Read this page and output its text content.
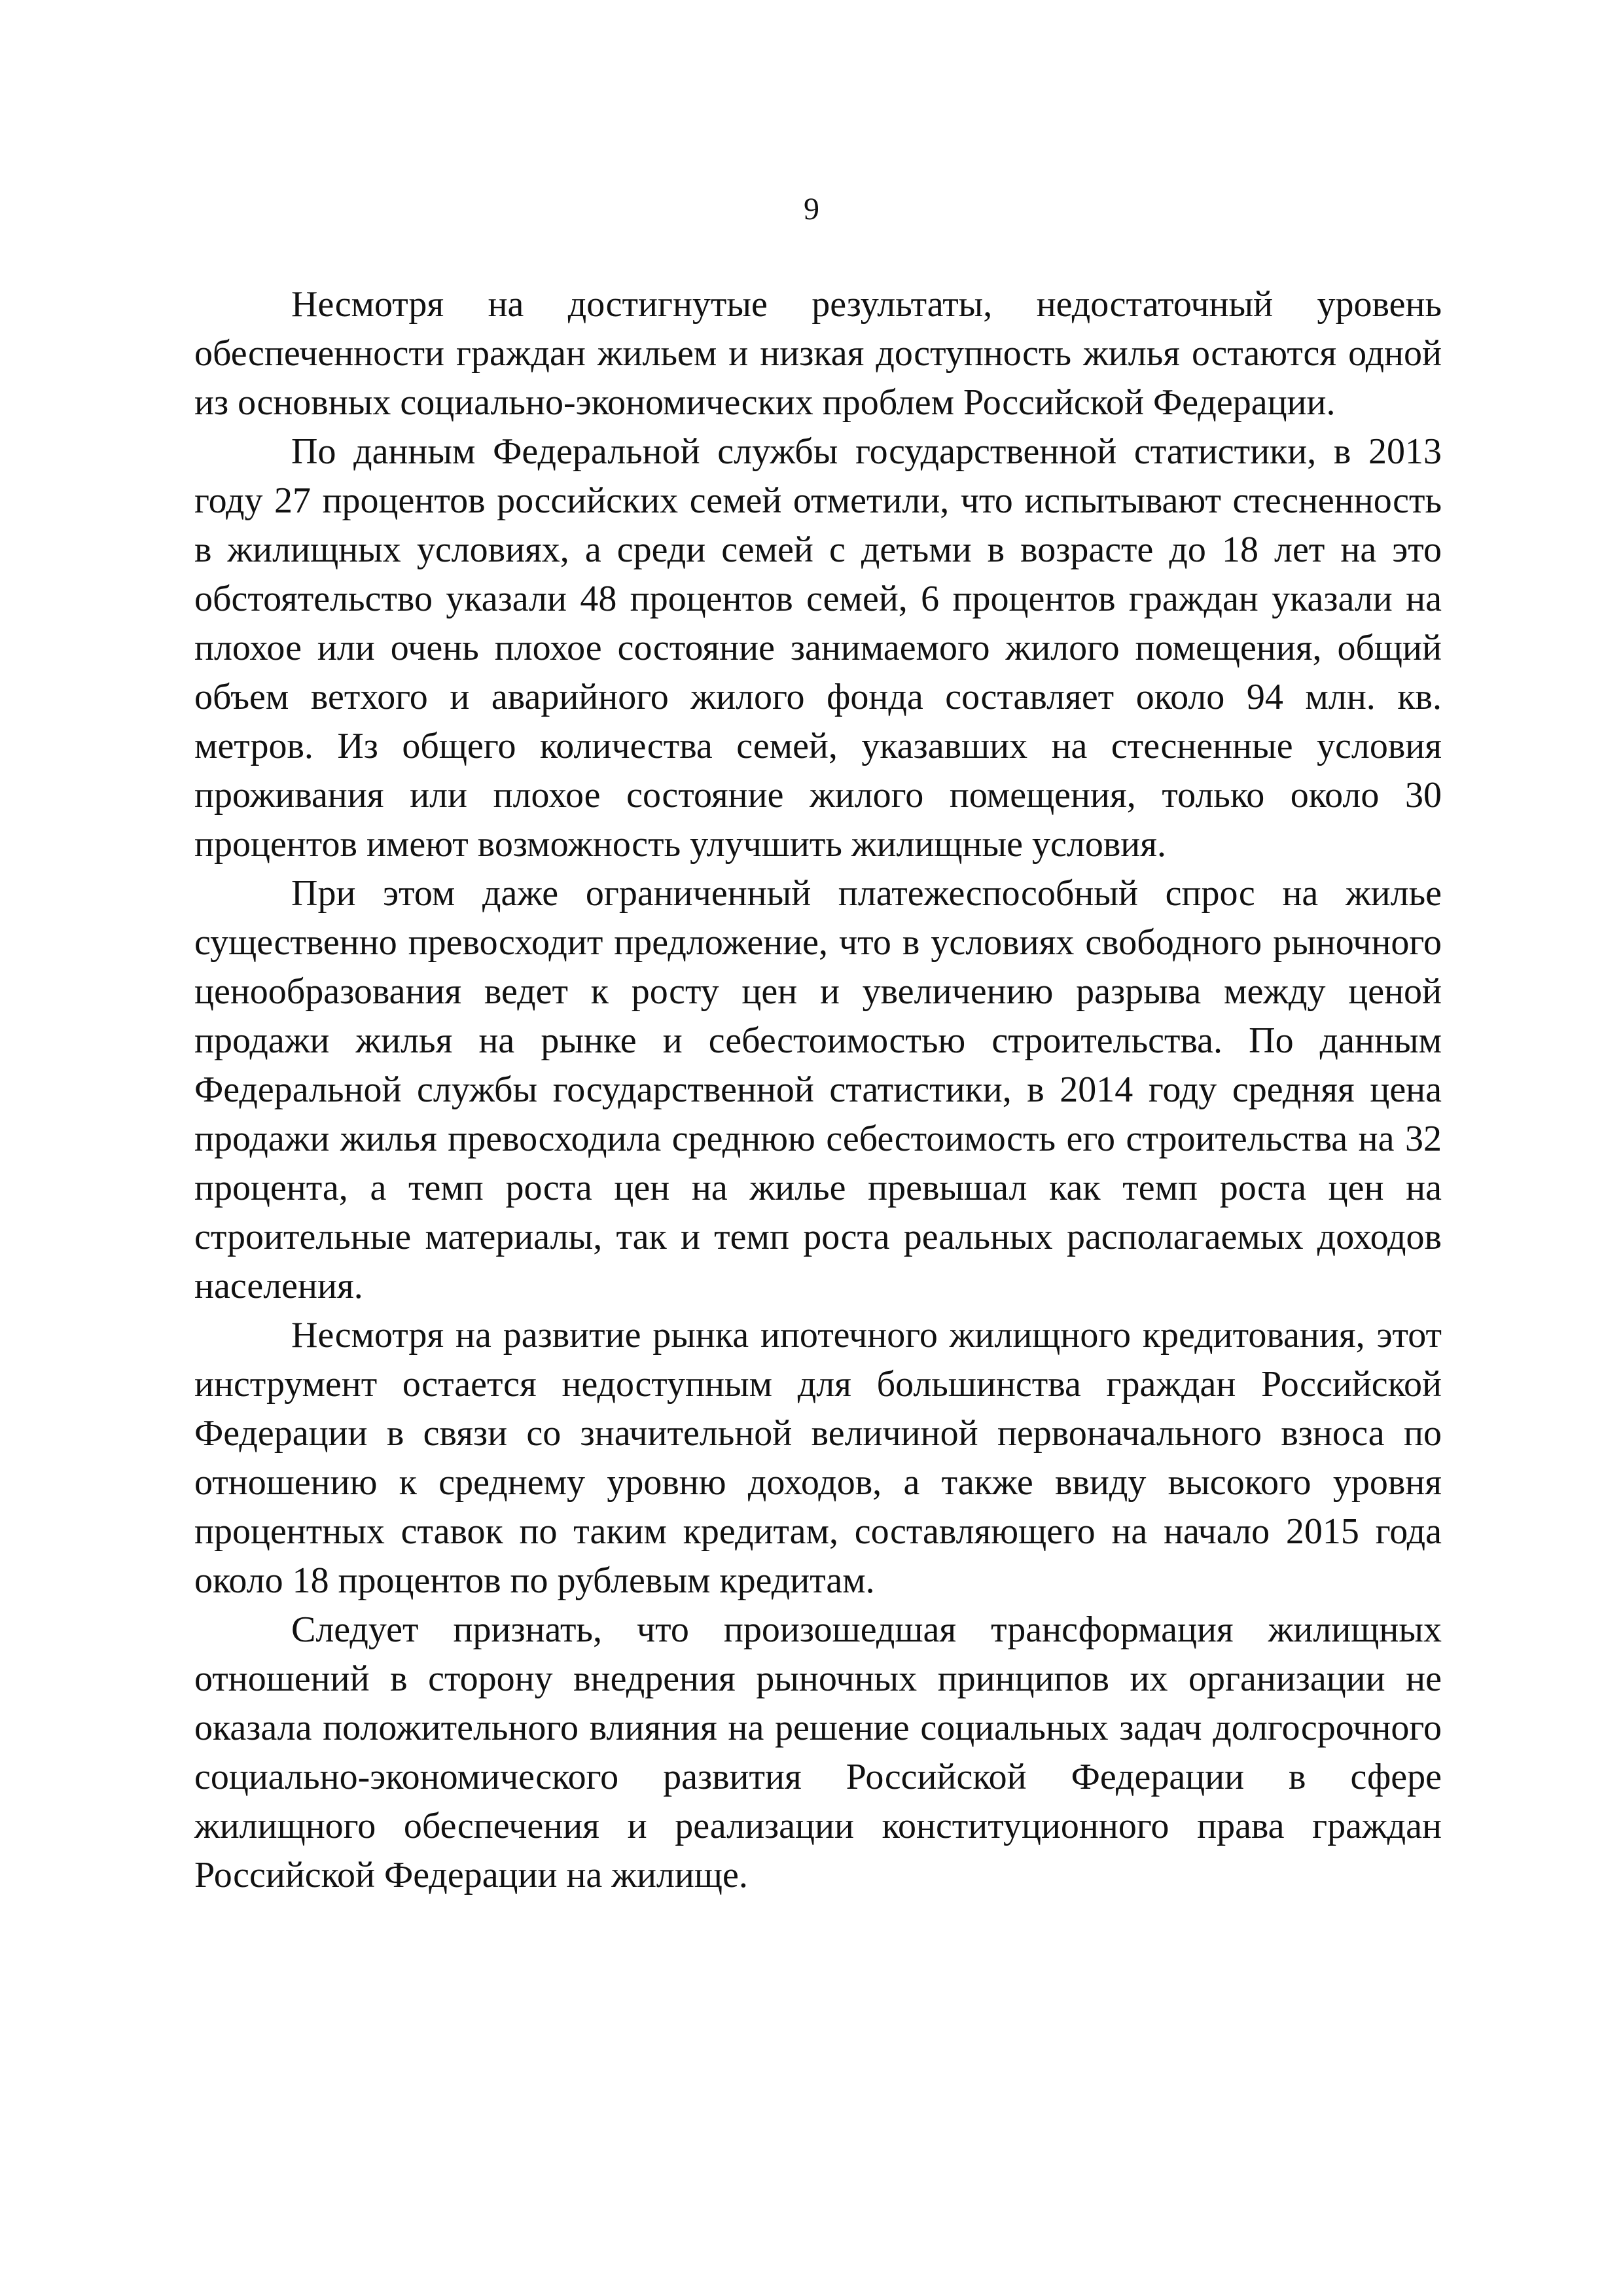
9

Несмотря на достигнутые результаты, недостаточный уровень обеспеченности граждан жильем и низкая доступность жилья остаются одной из основных социально-экономических проблем Российской Федерации.

По данным Федеральной службы государственной статистики, в 2013 году 27 процентов российских семей отметили, что испытывают стесненность в жилищных условиях, а среди семей с детьми в возрасте до 18 лет на это обстоятельство указали 48 процентов семей, 6 процентов граждан указали на плохое или очень плохое состояние занимаемого жилого помещения, общий объем ветхого и аварийного жилого фонда составляет около 94 млн. кв. метров. Из общего количества семей, указавших на стесненные условия проживания или плохое состояние жилого помещения, только около 30 процентов имеют возможность улучшить жилищные условия.

При этом даже ограниченный платежеспособный спрос на жилье существенно превосходит предложение, что в условиях свободного рыночного ценообразования ведет к росту цен и увеличению разрыва между ценой продажи жилья на рынке и себестоимостью строительства. По данным Федеральной службы государственной статистики, в 2014 году средняя цена продажи жилья превосходила среднюю себестоимость его строительства на 32 процента, а темп роста цен на жилье превышал как темп роста цен на строительные материалы, так и темп роста реальных располагаемых доходов населения.

Несмотря на развитие рынка ипотечного жилищного кредитования, этот инструмент остается недоступным для большинства граждан Российской Федерации в связи со значительной величиной первоначального взноса по отношению к среднему уровню доходов, а также ввиду высокого уровня процентных ставок по таким кредитам, составляющего на начало 2015 года около 18 процентов по рублевым кредитам.

Следует признать, что произошедшая трансформация жилищных отношений в сторону внедрения рыночных принципов их организации не оказала положительного влияния на решение социальных задач долгосрочного социально-экономического развития Российской Федерации в сфере жилищного обеспечения и реализации конституционного права граждан Российской Федерации на жилище.
